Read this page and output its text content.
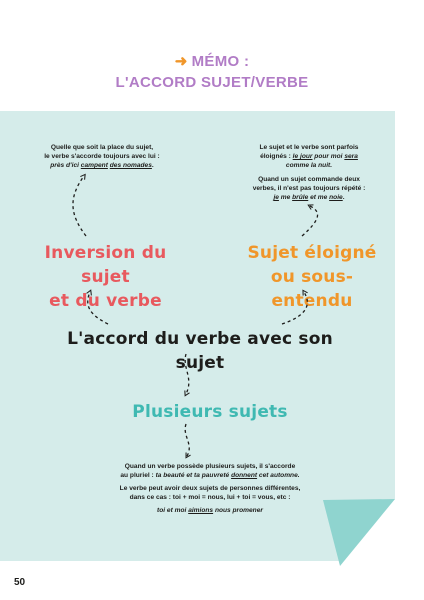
➜ MÉMO :
L'ACCORD SUJET/VERBE
Quelle que soit la place du sujet,
le verbe s'accorde toujours avec lui :
près d'ici campent des nomades.
Le sujet et le verbe sont parfois
éloignés : le jour pour moi sera
comme la nuit.
Quand un sujet commande deux
verbes, il n'est pas toujours répété :
je me brûle et me noie.
Inversion du sujet
et du verbe
Sujet éloigné
ou sous-entendu
L'accord du verbe avec son sujet
Plusieurs sujets
Quand un verbe possède plusieurs sujets, il s'accorde
au pluriel : ta beauté et ta pauvreté donnent cet automne.
Le verbe peut avoir deux sujets de personnes différentes,
dans ce cas : toi + moi = nous, lui + toi = vous, etc :
toi et moi aimions nous promener
50
